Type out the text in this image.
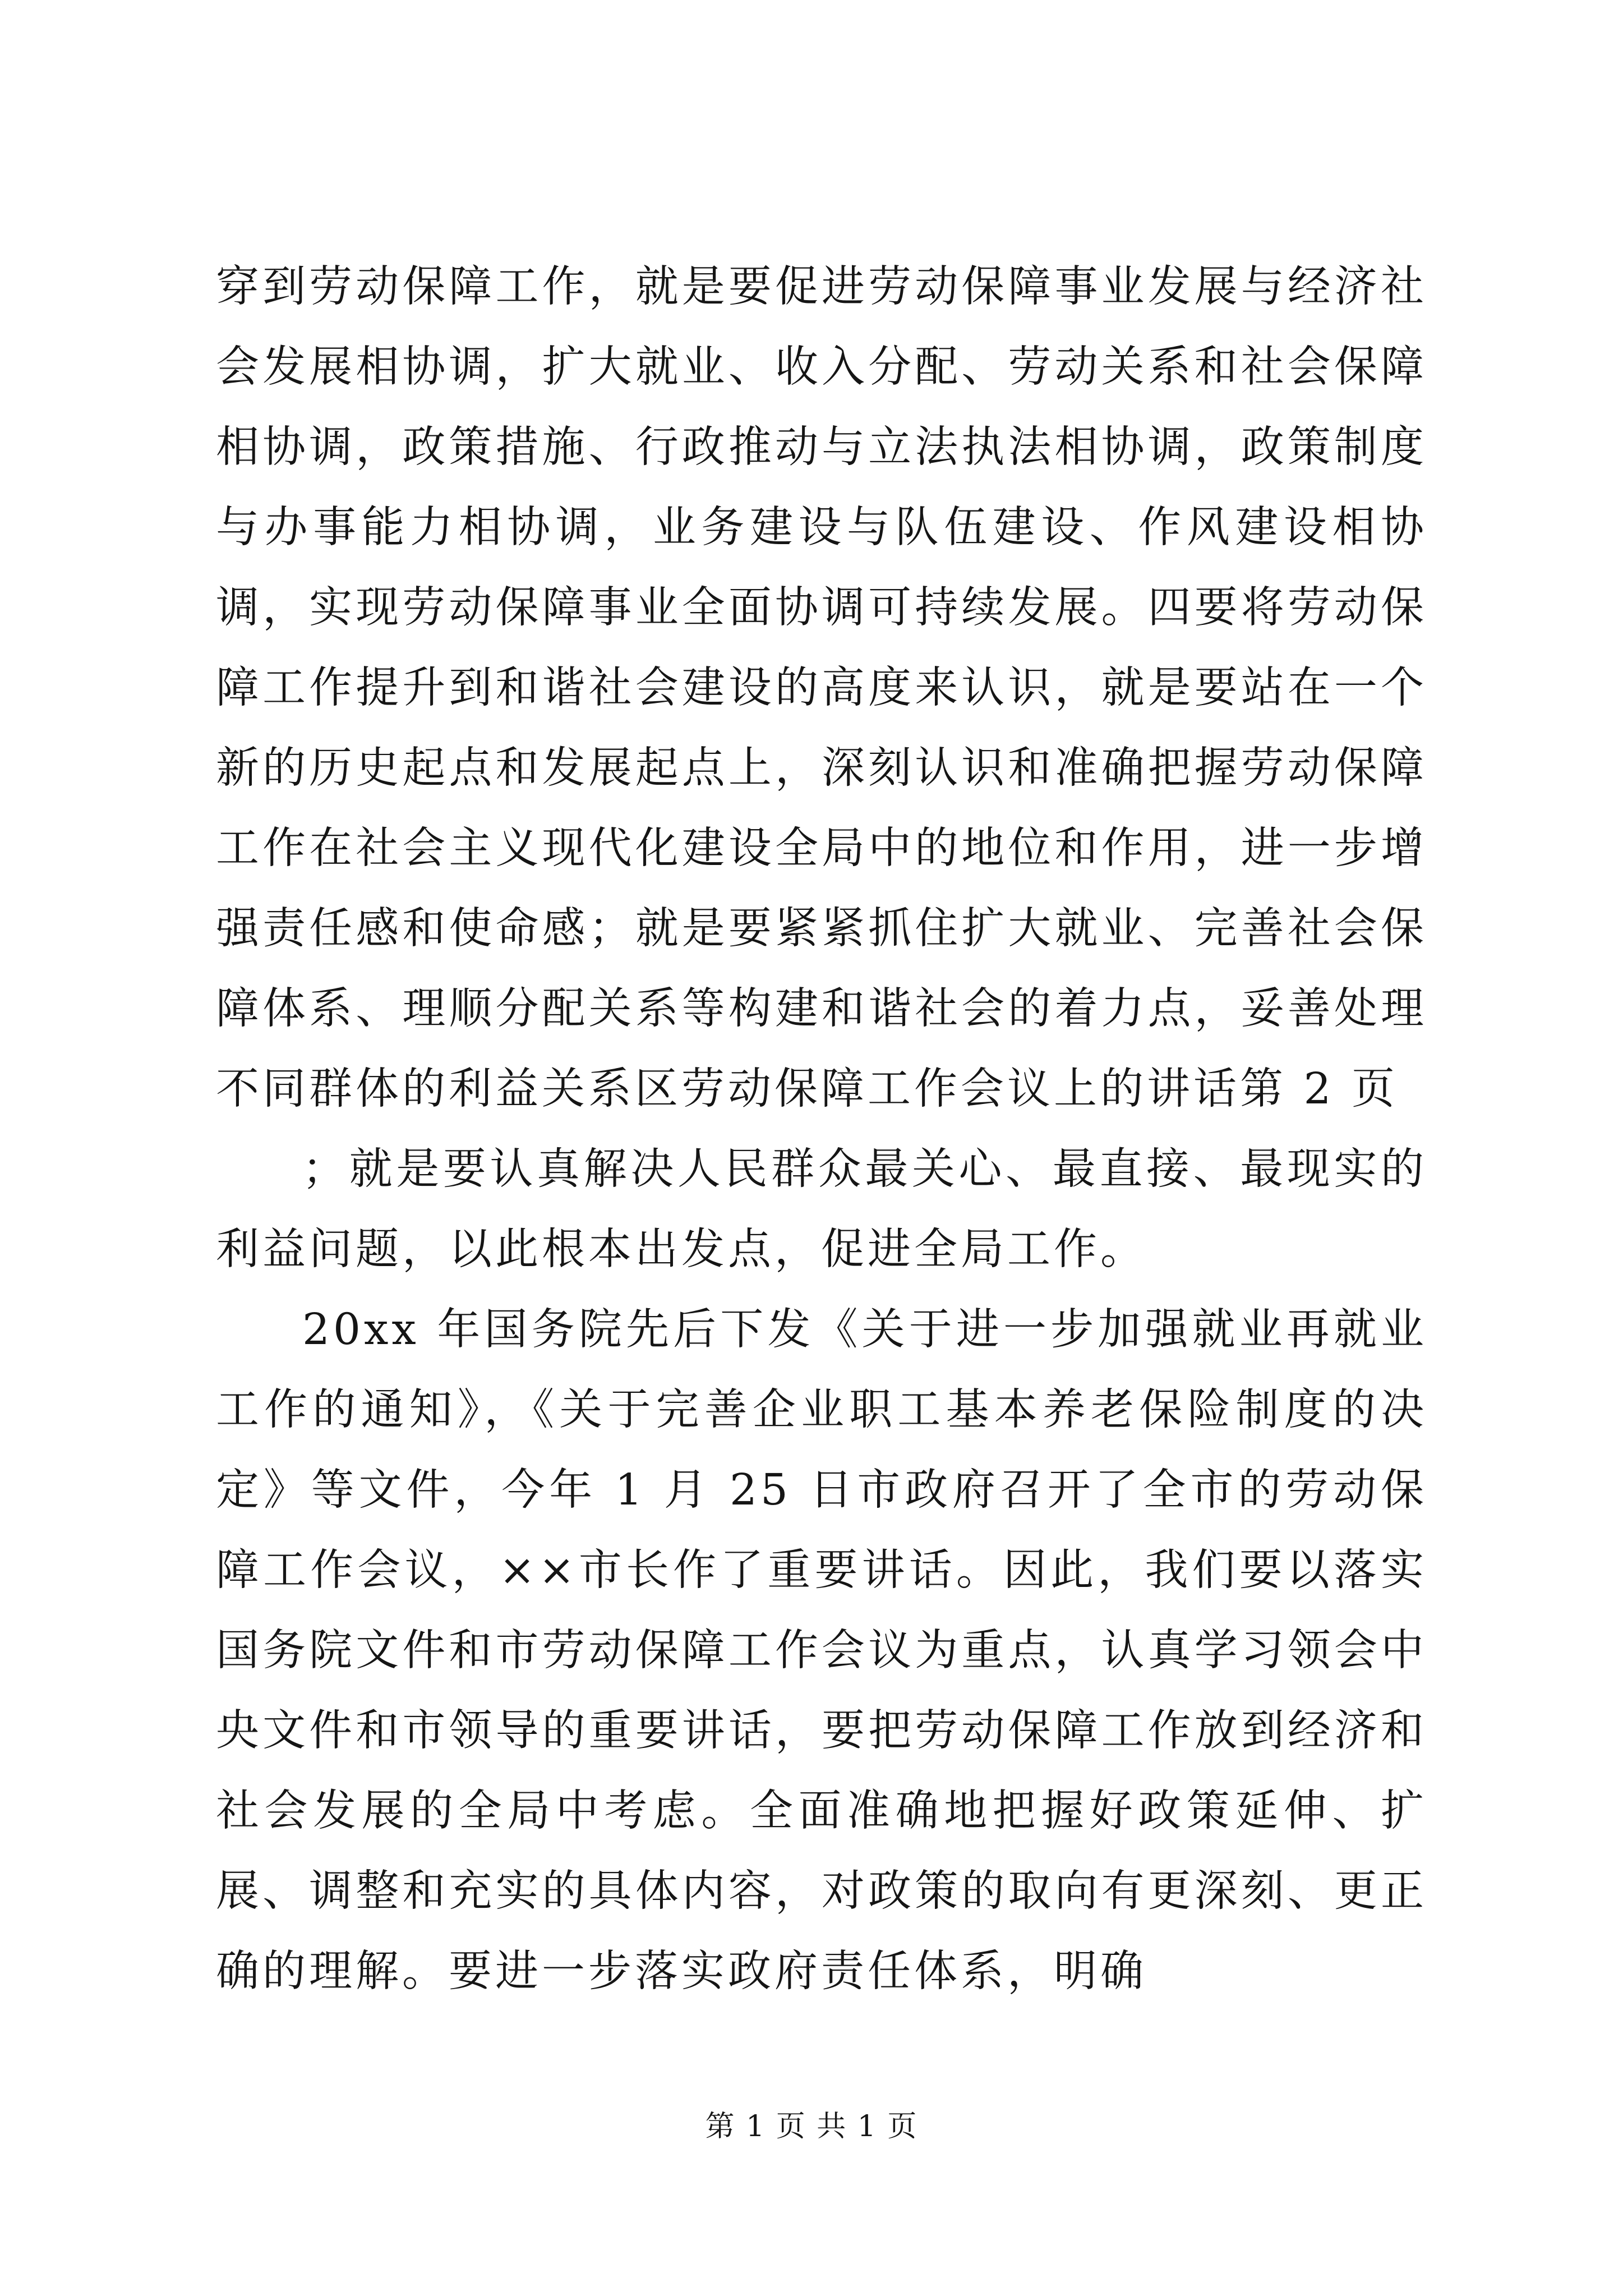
穿到劳动保障工作，就是要促进劳动保障事业发展与经济社会发展相协调，扩大就业、收入分配、劳动关系和社会保障相协调，政策措施、行政推动与立法执法相协调，政策制度与办事能力相协调，业务建设与队伍建设、作风建设相协调，实现劳动保障事业全面协调可持续发展。四要将劳动保障工作提升到和谐社会建设的高度来认识，就是要站在一个新的历史起点和发展起点上，深刻认识和准确把握劳动保障工作在社会主义现代化建设全局中的地位和作用，进一步增强责任感和使命感；就是要紧紧抓住扩大就业、完善社会保障体系、理顺分配关系等构建和谐社会的着力点，妥善处理不同群体的利益关系区劳动保障工作会议上的讲话第 2 页

；就是要认真解决人民群众最关心、最直接、最现实的利益问题，以此根本出发点，促进全局工作。

20xx 年国务院先后下发《关于进一步加强就业再就业工作的通知》，《关于完善企业职工基本养老保险制度的决定》等文件，今年 1 月 25 日市政府召开了全市的劳动保障工作会议，××市长作了重要讲话。因此，我们要以落实国务院文件和市劳动保障工作会议为重点，认真学习领会中央文件和市领导的重要讲话，要把劳动保障工作放到经济和社会发展的全局中考虑。全面准确地把握好政策延伸、扩展、调整和充实的具体内容，对政策的取向有更深刻、更正确的理解。要进一步落实政府责任体系，明确

第 1 页 共 1 页
